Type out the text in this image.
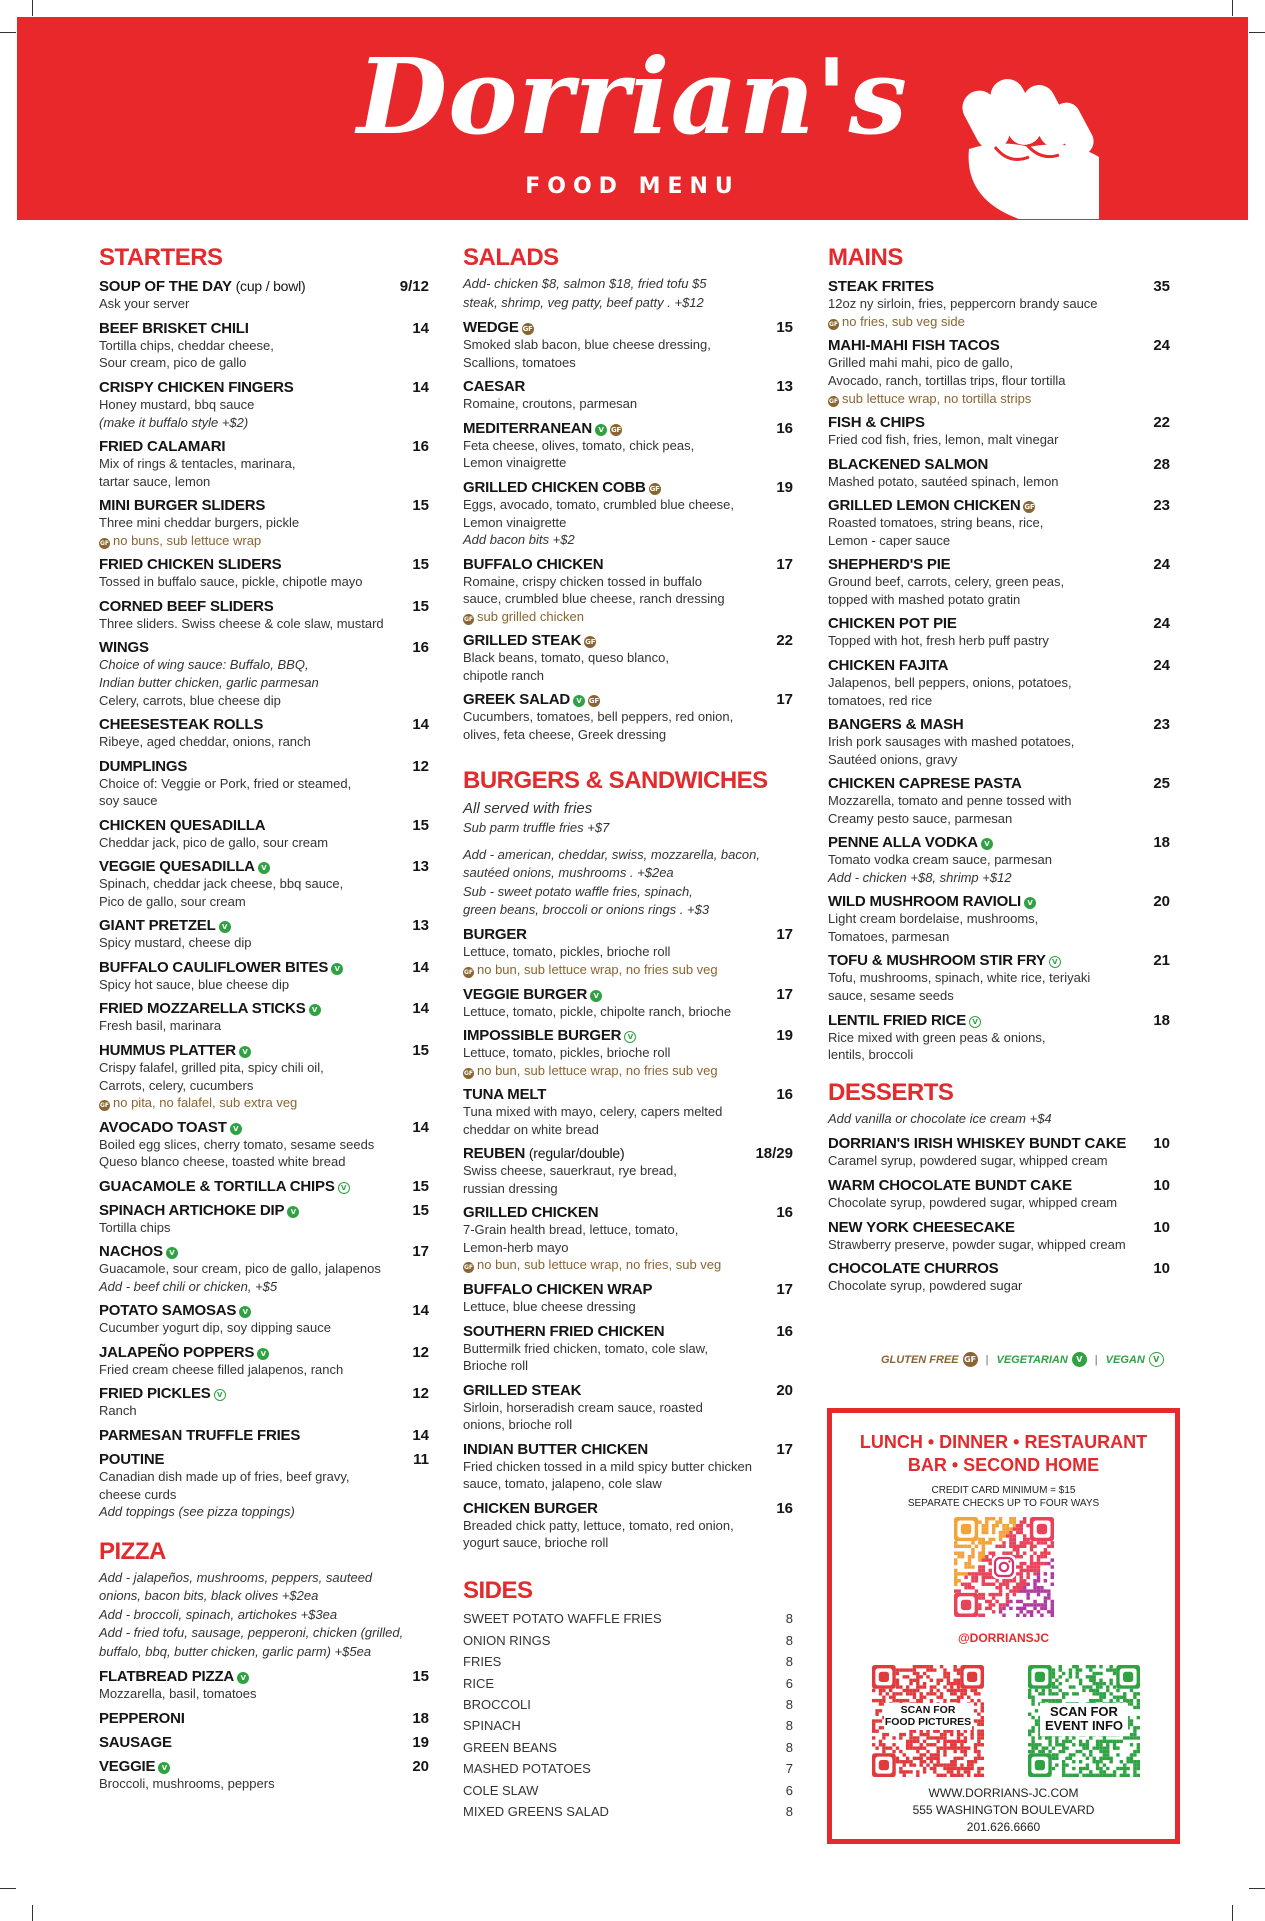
Dorrian's
FOOD MENU
STARTERS
SOUP OF THE DAY (cup / bowl)	9/12
Ask your server
BEEF BRISKET CHILI	14
Tortilla chips, cheddar cheese,
Sour cream, pico de gallo
CRISPY CHICKEN FINGERS	14
Honey mustard, bbq sauce
(make it buffalo style +$2)
FRIED CALAMARI	16
Mix of rings & tentacles, marinara,
tartar sauce, lemon
MINI BURGER SLIDERS	15
Three mini cheddar burgers, pickle
GF no buns, sub lettuce wrap
FRIED CHICKEN SLIDERS	15
Tossed in buffalo sauce, pickle, chipotle mayo
CORNED BEEF SLIDERS	15
Three sliders. Swiss cheese & cole slaw, mustard
WINGS	16
Choice of wing sauce: Buffalo, BBQ,
Indian butter chicken, garlic parmesan
Celery, carrots, blue cheese dip
CHEESESTEAK ROLLS	14
Ribeye, aged cheddar, onions, ranch
DUMPLINGS	12
Choice of: Veggie or Pork, fried or steamed,
soy sauce
CHICKEN QUESADILLA	15
Cheddar jack, pico de gallo, sour cream
VEGGIE QUESADILLA V	13
Spinach, cheddar jack cheese, bbq sauce,
Pico de gallo, sour cream
GIANT PRETZEL V	13
Spicy mustard, cheese dip
BUFFALO CAULIFLOWER BITES V	14
Spicy hot sauce, blue cheese dip
FRIED MOZZARELLA STICKS V	14
Fresh basil, marinara
HUMMUS PLATTER V	15
Crispy falafel, grilled pita, spicy chili oil,
Carrots, celery, cucumbers
GF no pita, no falafel, sub extra veg
AVOCADO TOAST V	14
Boiled egg slices, cherry tomato, sesame seeds
Queso blanco cheese, toasted white bread
GUACAMOLE & TORTILLA CHIPS V	15
SPINACH ARTICHOKE DIP V	15
Tortilla chips
NACHOS V	17
Guacamole, sour cream, pico de gallo, jalapenos
Add - beef chili or chicken, +$5
POTATO SAMOSAS V	14
Cucumber yogurt dip, soy dipping sauce
JALAPEÑO POPPERS V	12
Fried cream cheese filled jalapenos, ranch
FRIED PICKLES V	12
Ranch
PARMESAN TRUFFLE FRIES	14
POUTINE	11
Canadian dish made up of fries, beef gravy,
cheese curds
Add toppings (see pizza toppings)
PIZZA
Add - jalapeños, mushrooms, peppers, sauteed
onions, bacon bits, black olives +$2ea
Add - broccoli, spinach, artichokes +$3ea
Add - fried tofu, sausage, pepperoni, chicken (grilled,
buffalo, bbq, butter chicken, garlic parm) +$5ea
FLATBREAD PIZZA V	15
Mozzarella, basil, tomatoes
PEPPERONI	18
SAUSAGE	19
VEGGIE V	20
Broccoli, mushrooms, peppers
SALADS
Add- chicken $8, salmon $18, fried tofu $5
steak, shrimp, veg patty, beef patty . +$12
WEDGE GF	15
Smoked slab bacon, blue cheese dressing,
Scallions, tomatoes
CAESAR	13
Romaine, croutons, parmesan
MEDITERRANEAN V GF	16
Feta cheese, olives, tomato, chick peas,
Lemon vinaigrette
GRILLED CHICKEN COBB GF	19
Eggs, avocado, tomato, crumbled blue cheese,
Lemon vinaigrette
Add bacon bits +$2
BUFFALO CHICKEN	17
Romaine, crispy chicken tossed in buffalo
sauce, crumbled blue cheese, ranch dressing
GF sub grilled chicken
GRILLED STEAK GF	22
Black beans, tomato, queso blanco,
chipotle ranch
GREEK SALAD V GF	17
Cucumbers, tomatoes, bell peppers, red onion,
olives, feta cheese, Greek dressing
BURGERS & SANDWICHES
All served with fries
Sub parm truffle fries +$7
Add - american, cheddar, swiss, mozzarella, bacon,
sautéed onions, mushrooms . +$2ea
Sub - sweet potato waffle fries, spinach,
green beans, broccoli or onions rings . +$3
BURGER	17
Lettuce, tomato, pickles, brioche roll
GF no bun, sub lettuce wrap, no fries sub veg
VEGGIE BURGER V	17
Lettuce, tomato, pickle, chipolte ranch, brioche
IMPOSSIBLE BURGER V	19
Lettuce, tomato, pickles, brioche roll
GF no bun, sub lettuce wrap, no fries sub veg
TUNA MELT	16
Tuna mixed with mayo, celery, capers melted
cheddar on white bread
REUBEN (regular/double)	18/29
Swiss cheese, sauerkraut, rye bread,
russian dressing
GRILLED CHICKEN	16
7-Grain health bread, lettuce, tomato,
Lemon-herb mayo
GF no bun, sub lettuce wrap, no fries, sub veg
BUFFALO CHICKEN WRAP	17
Lettuce, blue cheese dressing
SOUTHERN FRIED CHICKEN	16
Buttermilk fried chicken, tomato, cole slaw,
Brioche roll
GRILLED STEAK	20
Sirloin, horseradish cream sauce, roasted
onions, brioche roll
INDIAN BUTTER CHICKEN	17
Fried chicken tossed in a mild spicy butter chicken
sauce, tomato, jalapeno, cole slaw
CHICKEN BURGER	16
Breaded chick patty, lettuce, tomato, red onion,
yogurt sauce, brioche roll
SIDES
SWEET POTATO WAFFLE FRIES	8
ONION RINGS	8
FRIES	8
RICE	6
BROCCOLI	8
SPINACH	8
GREEN BEANS	8
MASHED POTATOES	7
COLE SLAW	6
MIXED GREENS SALAD	8
MAINS
STEAK FRITES	35
12oz ny sirloin, fries, peppercorn brandy sauce
GF no fries, sub veg side
MAHI-MAHI FISH TACOS	24
Grilled mahi mahi, pico de gallo,
Avocado, ranch, tortillas trips, flour tortilla
GF sub lettuce wrap, no tortilla strips
FISH & CHIPS	22
Fried cod fish, fries, lemon, malt vinegar
BLACKENED SALMON	28
Mashed potato, sautéed spinach, lemon
GRILLED LEMON CHICKEN GF	23
Roasted tomatoes, string beans, rice,
Lemon - caper sauce
SHEPHERD'S PIE	24
Ground beef, carrots, celery, green peas,
topped with mashed potato gratin
CHICKEN POT PIE	24
Topped with hot, fresh herb puff pastry
CHICKEN FAJITA	24
Jalapenos, bell peppers, onions, potatoes,
tomatoes, red rice
BANGERS & MASH	23
Irish pork sausages with mashed potatoes,
Sautéed onions, gravy
CHICKEN CAPRESE PASTA	25
Mozzarella, tomato and penne tossed with
Creamy pesto sauce, parmesan
PENNE ALLA VODKA V	18
Tomato vodka cream sauce, parmesan
Add - chicken +$8, shrimp +$12
WILD MUSHROOM RAVIOLI V	20
Light cream bordelaise, mushrooms,
Tomatoes, parmesan
TOFU & MUSHROOM STIR FRY V	21
Tofu, mushrooms, spinach, white rice, teriyaki
sauce, sesame seeds
LENTIL FRIED RICE V	18
Rice mixed with green peas & onions,
lentils, broccoli
DESSERTS
Add vanilla or chocolate ice cream +$4
DORRIAN'S IRISH WHISKEY BUNDT CAKE	10
Caramel syrup, powdered sugar, whipped cream
WARM CHOCOLATE BUNDT CAKE	10
Chocolate syrup, powdered sugar, whipped cream
NEW YORK CHEESECAKE	10
Strawberry preserve, powder sugar, whipped cream
CHOCOLATE CHURROS	10
Chocolate syrup, powdered sugar
GLUTEN FREE GF | VEGETARIAN	V	| VEGAN	V
LUNCH • DINNER • RESTAURANT
BAR • SECOND HOME
CREDIT CARD MINIMUM = $15
SEPARATE CHECKS UP TO FOUR WAYS
@DORRIANSJC
SCAN FOR FOOD PICTURES
SCAN FOR EVENT INFO
WWW.DORRIANS-JC.COM
555 WASHINGTON BOULEVARD
201.626.6660
